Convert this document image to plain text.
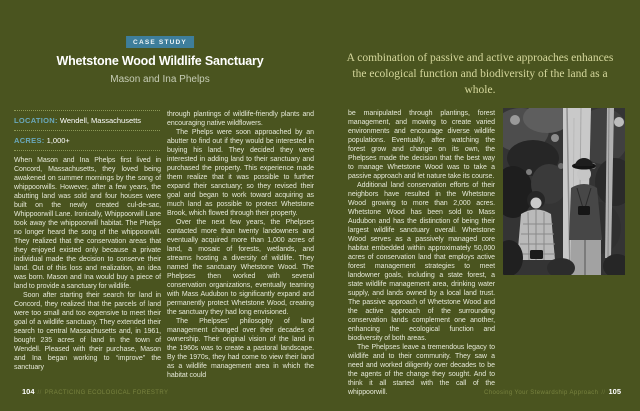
CASE STUDY
Whetstone Wood Wildlife Sanctuary
Mason and Ina Phelps
LOCATION: Wendell, Massachusetts
ACRES: 1,000+

When Mason and Ina Phelps first lived in Concord, Massachusetts, they loved being awakened on summer mornings by the song of whippoorwills. However, after a few years, the abutting land was sold and four houses were built on the newly created cul-de-sac, Whippoorwill Lane. Ironically, Whippoorwill Lane took away the whippoorwill habitat. The Phelps no longer heard the song of the whippoorwill. They realized that the conservation areas that they enjoyed existed only because a private individual made the decision to conserve their land. Out of this loss and realization, an idea was born. Mason and Ina would buy a piece of land to provide a sanctuary for wildlife.

Soon after starting their search for land in Concord, they realized that the parcels of land were too small and too expensive to meet their goal of a wildlife sanctuary. They extended their search to central Massachusetts and, in 1961, bought 235 acres of land in the town of Wendell. Pleased with their purchase, Mason and Ina began working to “improve” the sanctuary

through plantings of wildlife-friendly plants and encouraging native wildflowers.

The Phelps were soon approached by an abutter to find out if they would be interested in buying his land. They decided they were interested in adding land to their sanctuary and purchased the property. This experience made them realize that it was possible to further expand their sanctuary; so they revised their goal and began to work toward acquiring as much land as possible to protect Whetstone Brook, which flowed through their property.

Over the next few years, the Phelpses contacted more than twenty landowners and eventually acquired more than 1,000 acres of land, a mosaic of forests, wetlands, and streams hosting a diversity of wildlife. They named the sanctuary Whetstone Wood. The Phelpses then worked with several conservation organizations, eventually teaming with Mass Audubon to significantly expand and permanently protect Whetstone Wood, creating the sanctuary they had long envisioned.

The Phelpses’ philosophy of land management changed over their decades of ownership. Their original vision of the land in the 1960s was to create a pastoral landscape. By the 1970s, they had come to view their land as a wildlife management area in which the habitat could

104 // PRACTICING ECOLOGICAL FORESTRY
A combination of passive and active approaches enhances the ecological function and biodiversity of the land as a whole.

be manipulated through plantings, forest management, and mowing to create varied environments and encourage diverse wildlife populations. Eventually, after watching the forest grow and change on its own, the Phelpses made the decision that the best way to manage Whetstone Wood was to take a passive approach and let nature take its course.

Additional land conservation efforts of their neighbors have resulted in the Whetstone Wood growing to more than 2,000 acres. Whetstone Wood has been sold to Mass Audubon and has the distinction of being their largest wildlife sanctuary overall. Whetstone Wood serves as a passively managed core habitat embedded within approximately 50,000 acres of conservation land that employs active forest management strategies to meet landowner goals, including a state forest, a state wildlife management area, drinking water supply, and lands owned by a local land trust. The passive approach of Whetstone Wood and the active approach of the surrounding conservation lands complement one another, enhancing the ecological function and biodiversity of both areas.

The Phelpses leave a tremendous legacy to wildlife and to their community. They saw a need and worked diligently over decades to be the agents of the change they sought. And to think it all started with the call of the whippoorwill.	Choosing Your Stewardship Approach // 105
